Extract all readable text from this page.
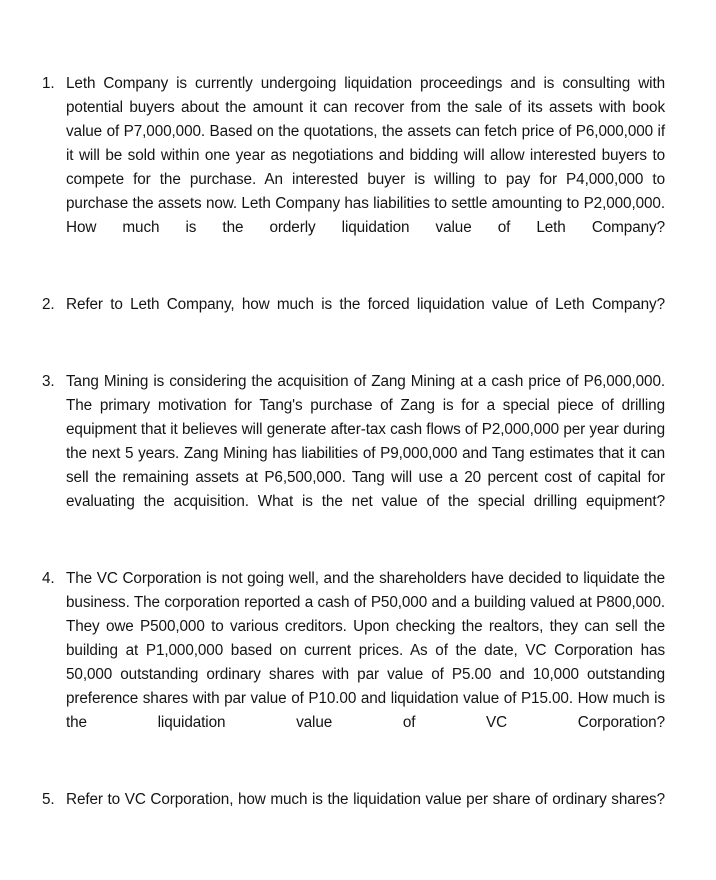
1. Leth Company is currently undergoing liquidation proceedings and is consulting with potential buyers about the amount it can recover from the sale of its assets with book value of P7,000,000. Based on the quotations, the assets can fetch price of P6,000,000 if it will be sold within one year as negotiations and bidding will allow interested buyers to compete for the purchase. An interested buyer is willing to pay for P4,000,000 to purchase the assets now. Leth Company has liabilities to settle amounting to P2,000,000. How much is the orderly liquidation value of Leth Company?
2. Refer to Leth Company, how much is the forced liquidation value of Leth Company?
3. Tang Mining is considering the acquisition of Zang Mining at a cash price of P6,000,000. The primary motivation for Tang's purchase of Zang is for a special piece of drilling equipment that it believes will generate after-tax cash flows of P2,000,000 per year during the next 5 years. Zang Mining has liabilities of P9,000,000 and Tang estimates that it can sell the remaining assets at P6,500,000. Tang will use a 20 percent cost of capital for evaluating the acquisition. What is the net value of the special drilling equipment?
4. The VC Corporation is not going well, and the shareholders have decided to liquidate the business. The corporation reported a cash of P50,000 and a building valued at P800,000. They owe P500,000 to various creditors. Upon checking the realtors, they can sell the building at P1,000,000 based on current prices. As of the date, VC Corporation has 50,000 outstanding ordinary shares with par value of P5.00 and 10,000 outstanding preference shares with par value of P10.00 and liquidation value of P15.00. How much is the liquidation value of VC Corporation?
5. Refer to VC Corporation, how much is the liquidation value per share of ordinary shares?
